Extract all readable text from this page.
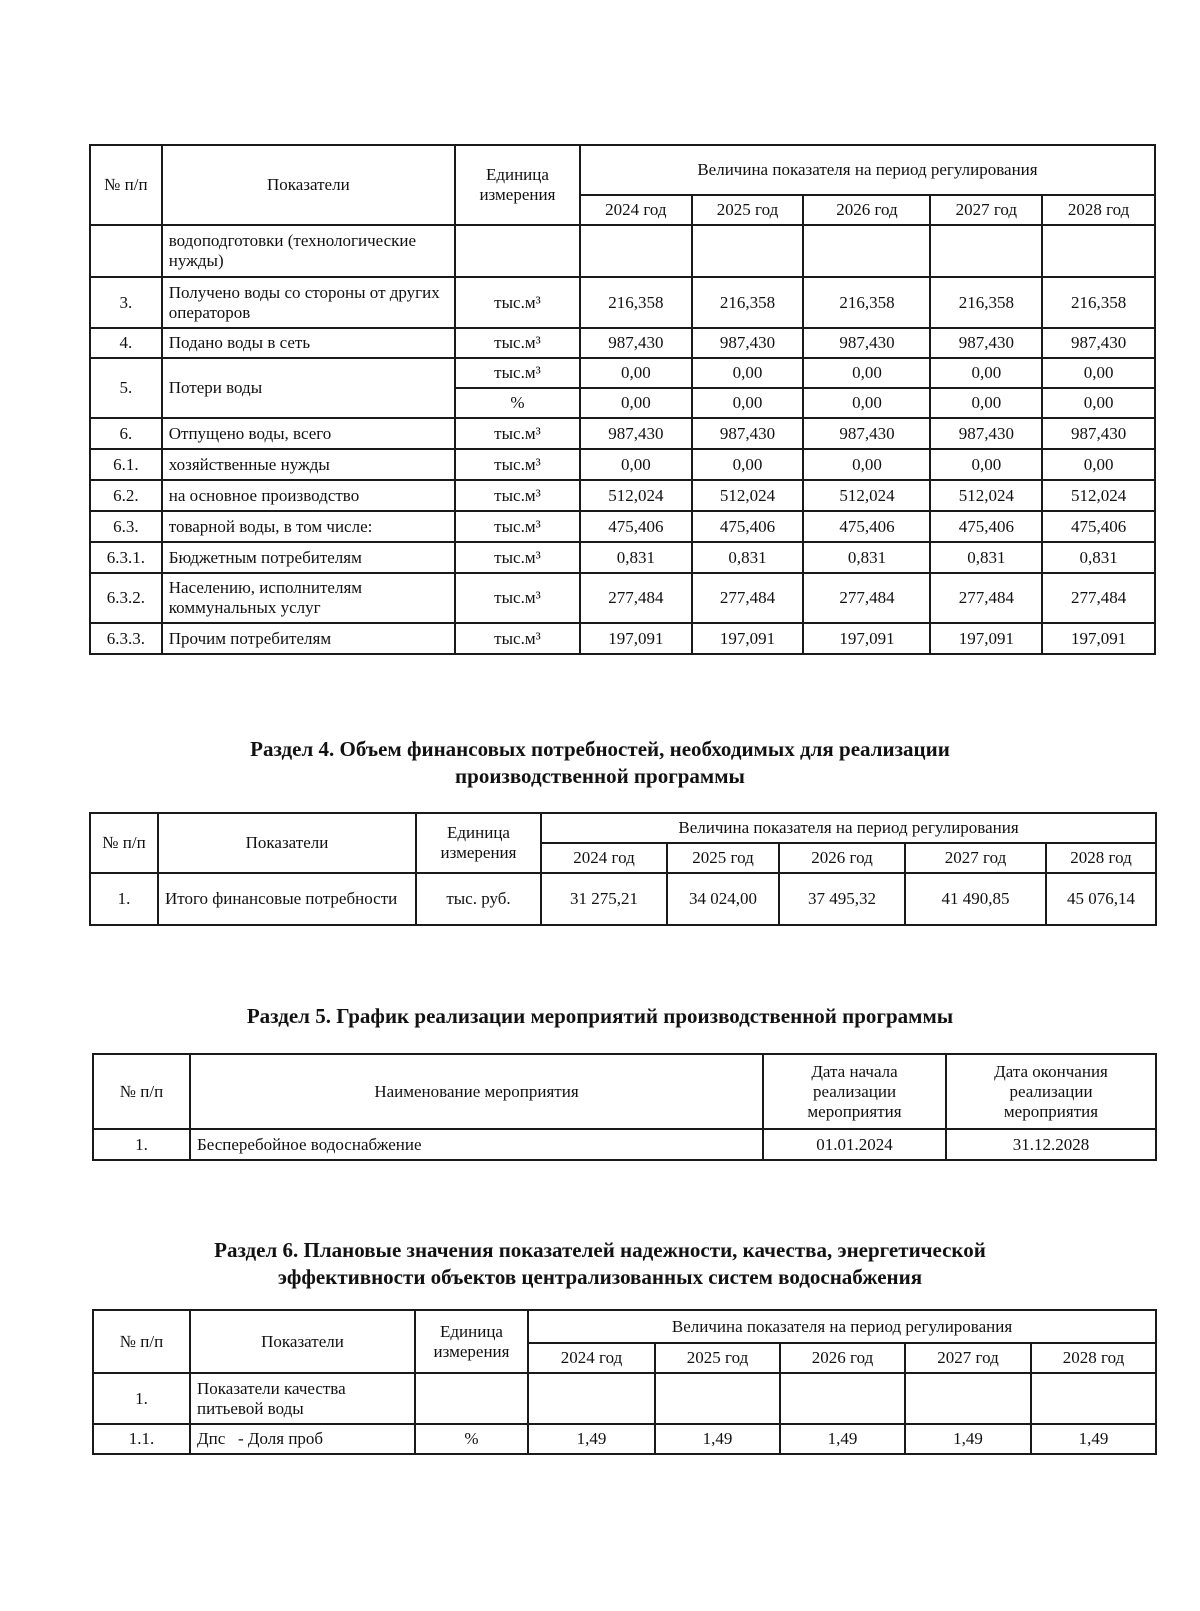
№ п/п	Показатели	Единица измерения	Величина показателя на период регулирования				
			2024 год	2025 год	2026 год	2027 год	2028 год
	водоподготовки (технологические нужды)						
3.	Получено воды со стороны от других операторов	тыс.м³	216,358	216,358	216,358	216,358	216,358
4.	Подано воды в сеть	тыс.м³	987,430	987,430	987,430	987,430	987,430
5.	Потери воды	тыс.м³	0,00	0,00	0,00	0,00	0,00
		%	0,00	0,00	0,00	0,00	0,00
6.	Отпущено воды, всего	тыс.м³	987,430	987,430	987,430	987,430	987,430
6.1.	хозяйственные нужды	тыс.м³	0,00	0,00	0,00	0,00	0,00
6.2.	на основное производство	тыс.м³	512,024	512,024	512,024	512,024	512,024
6.3.	товарной воды, в том числе:	тыс.м³	475,406	475,406	475,406	475,406	475,406
6.3.1.	Бюджетным потребителям	тыс.м³	0,831	0,831	0,831	0,831	0,831
6.3.2.	Населению, исполнителям коммунальных услуг	тыс.м³	277,484	277,484	277,484	277,484	277,484
6.3.3.	Прочим потребителям	тыс.м³	197,091	197,091	197,091	197,091	197,091
Раздел 4. Объем финансовых потребностей, необходимых для реализации
производственной программы
№ п/п	Показатели	Единица измерения	Величина показателя на период регулирования				
			2024 год	2025 год	2026 год	2027 год	2028 год
1.	Итого финансовые потребности	тыс. руб.	31 275,21	34 024,00	37 495,32	41 490,85	45 076,14
Раздел 5. График реализации мероприятий производственной программы
№ п/п	Наименование мероприятия	Дата начала реализации мероприятия	Дата окончания реализации мероприятия
1.	Бесперебойное водоснабжение	01.01.2024	31.12.2028
Раздел 6. Плановые значения показателей надежности, качества, энергетической
эффективности объектов централизованных систем водоснабжения
№ п/п	Показатели	Единица измерения	Величина показателя на период регулирования				
			2024 год	2025 год	2026 год	2027 год	2028 год
1.	Показатели качества питьевой воды						
1.1.	Дпс   - Доля проб	%	1,49	1,49	1,49	1,49	1,49
